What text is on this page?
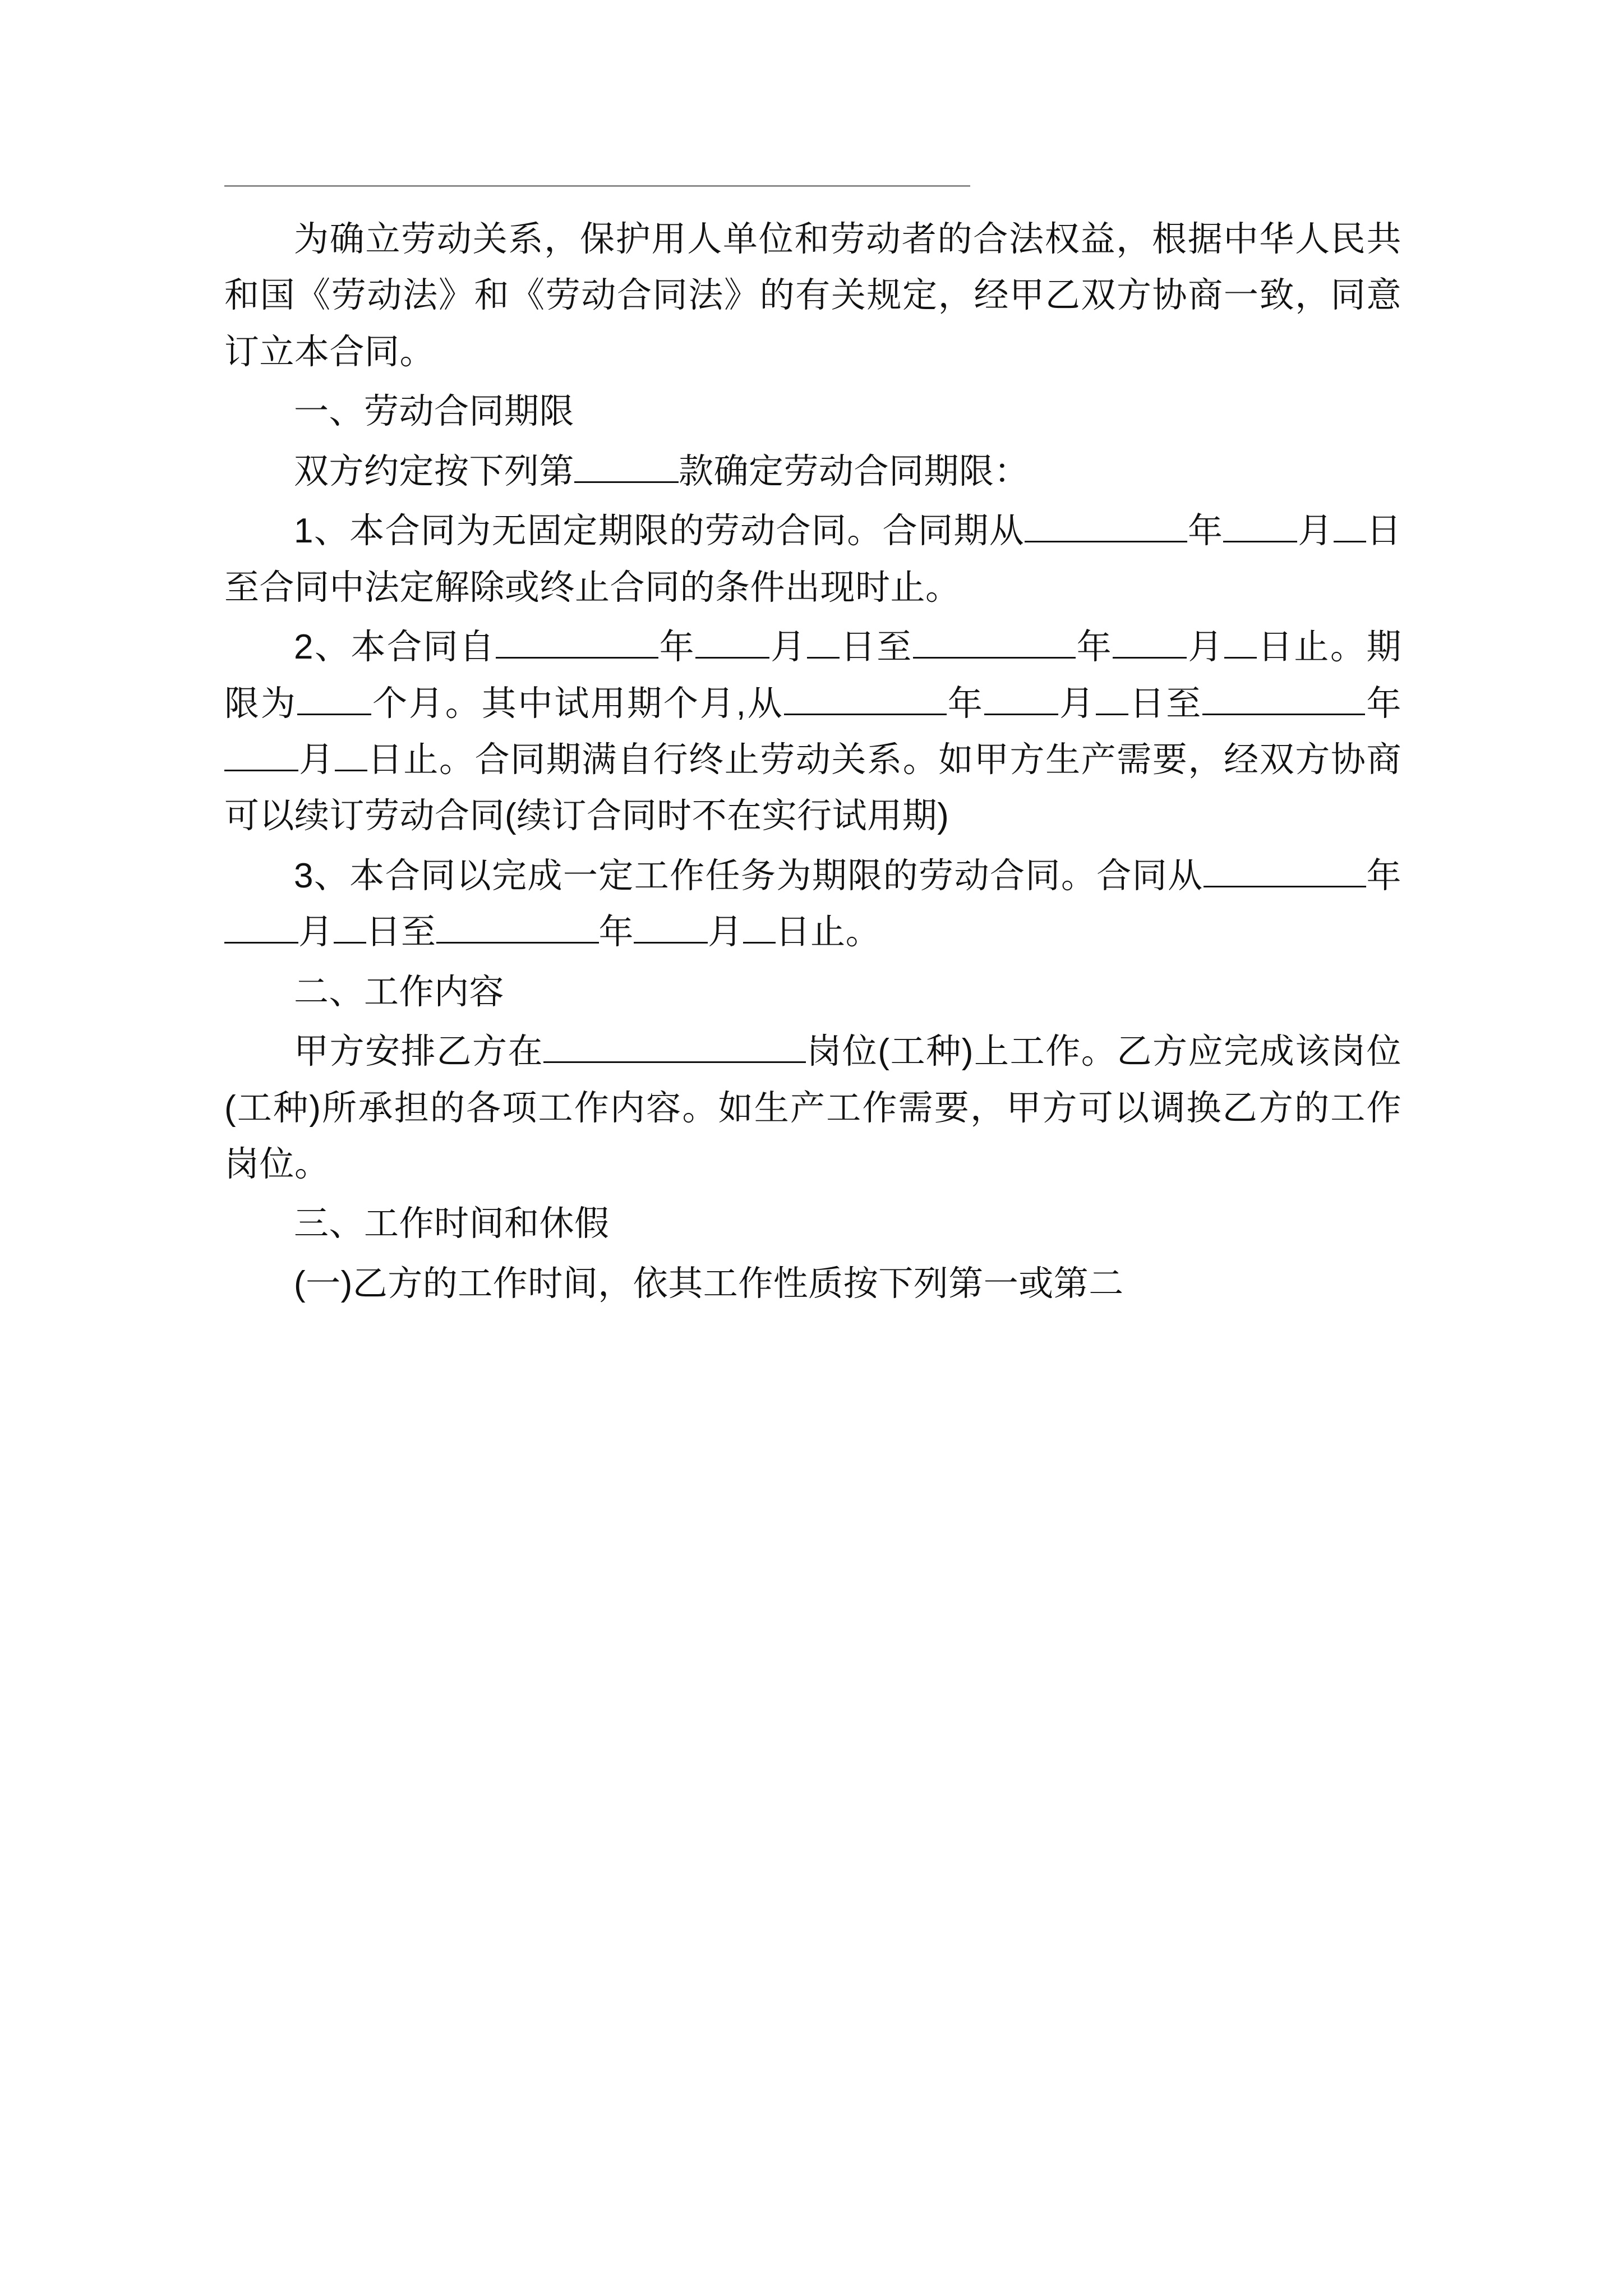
为确立劳动关系，保护用人单位和劳动者的合法权益，根据中华人民共和国《劳动法》和《劳动合同法》的有关规定，经甲乙双方协商一致，同意订立本合同。

一、劳动合同期限

双方约定按下列第	款确定劳动合同期限：

1、本合同为无固定期限的劳动合同。合同期从	年 月 日至合同中法定解除或终止合同的条件出现时止。

2、本合同自	年 月 日至	年 月 日止。期限为 个月。其中试用期个月,从	年 月 日至	年月 日止。合同期满自行终止劳动关系。如甲方生产需要，经双方协商可以续订劳动合同(续订合同时不在实行试用期)

3、本合同以完成一定工作任务为期限的劳动合同。合同从	年月 日至	年 月 日止。

二、工作内容

甲方安排乙方在	岗位(工种)上工作。乙方应完成该岗位(工种)所承担的各项工作内容。如生产工作需要，甲方可以调换乙方的工作岗位。

三、工作时间和休假

(一)乙方的工作时间，依其工作性质按下列第一或第二
